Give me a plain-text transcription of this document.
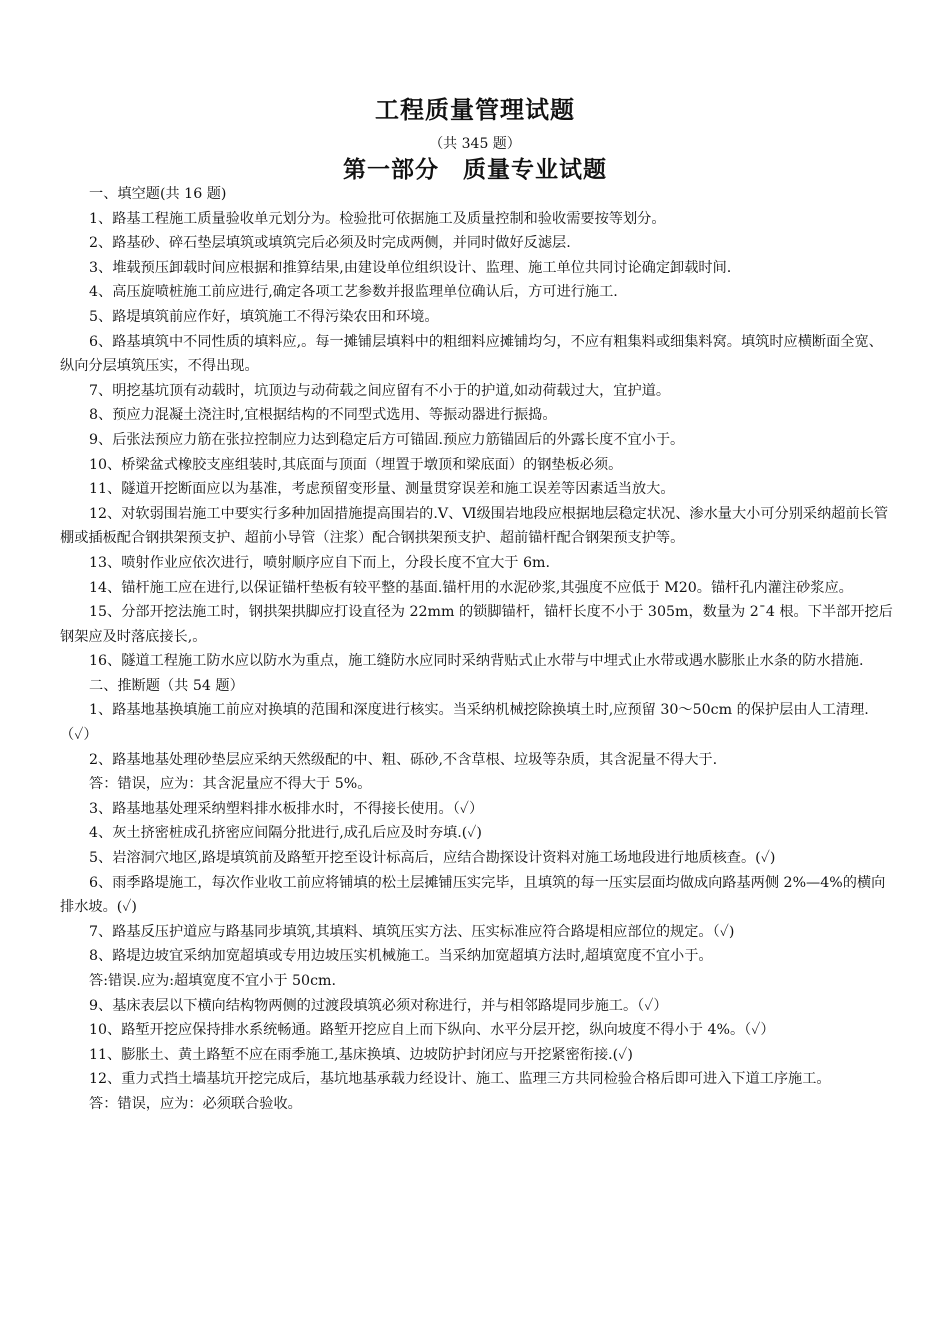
工程质量管理试题
（共 345 题）
第一部分　质量专业试题

一、填空题(共 16 题)

1、路基工程施工质量验收单元划分为。检验批可依据施工及质量控制和验收需要按等划分。

2、路基砂、碎石垫层填筑或填筑完后必须及时完成两侧，并同时做好反滤层.

3、堆载预压卸载时间应根据和推算结果,由建设单位组织设计、监理、施工单位共同讨论确定卸载时间.

4、高压旋喷桩施工前应进行,确定各项工艺参数并报监理单位确认后，方可进行施工.

5、路堤填筑前应作好，填筑施工不得污染农田和环境。

6、路基填筑中不同性质的填料应,。每一摊铺层填料中的粗细料应摊铺均匀，不应有粗集料或细集料窝。填筑时应横断面全宽、纵向分层填筑压实，不得出现。

7、明挖基坑顶有动载时，坑顶边与动荷载之间应留有不小于的护道,如动荷载过大，宜护道。

8、预应力混凝土浇注时,宜根据结构的不同型式选用、等振动器进行振捣。

9、后张法预应力筋在张拉控制应力达到稳定后方可锚固.预应力筋锚固后的外露长度不宜小于。

10、桥梁盆式橡胶支座组装时,其底面与顶面（埋置于墩顶和梁底面）的钢垫板必须。

11、隧道开挖断面应以为基准，考虑预留变形量、测量贯穿误差和施工误差等因素适当放大。

12、对软弱围岩施工中要实行多种加固措施提高围岩的.Ⅴ、Ⅵ级围岩地段应根据地层稳定状况、渗水量大小可分别采纳超前长管棚或插板配合钢拱架预支护、超前小导管（注浆）配合钢拱架预支护、超前锚杆配合钢架预支护等。

13、喷射作业应依次进行，喷射顺序应自下而上，分段长度不宜大于 6m.

14、锚杆施工应在进行,以保证锚杆垫板有较平整的基面.锚杆用的水泥砂浆,其强度不应低于 M20。锚杆孔内灌注砂浆应。

15、分部开挖法施工时，钢拱架拱脚应打设直径为 22mm 的锁脚锚杆，锚杆长度不小于 305m，数量为 2¯4 根。下半部开挖后钢架应及时落底接长,。

16、隧道工程施工防水应以防水为重点，施工缝防水应同时采纳背贴式止水带与中埋式止水带或遇水膨胀止水条的防水措施.

二、推断题（共 54 题）

1、路基地基换填施工前应对换填的范围和深度进行核实。当采纳机械挖除换填土时,应预留 30～50cm 的保护层由人工清理.（✓）

2、路基地基处理砂垫层应采纳天然级配的中、粗、砾砂,不含草根、垃圾等杂质，其含泥量不得大于.

答：错误，应为：其含泥量应不得大于 5%。

3、路基地基处理采纳塑料排水板排水时，不得接长使用。（✓）

4、灰土挤密桩成孔挤密应间隔分批进行,成孔后应及时夯填.(✓)

5、岩溶洞穴地区,路堤填筑前及路堑开挖至设计标高后，应结合勘探设计资料对施工场地段进行地质核查。(✓)

6、雨季路堤施工，每次作业收工前应将铺填的松土层摊铺压实完毕，且填筑的每一压实层面均做成向路基两侧 2%—4%的横向排水坡。(✓)

7、路基反压护道应与路基同步填筑,其填料、填筑压实方法、压实标准应符合路堤相应部位的规定。（✓)

8、路堤边坡宜采纳加宽超填或专用边坡压实机械施工。当采纳加宽超填方法时,超填宽度不宜小于。

答:错误.应为:超填宽度不宜小于 50cm.

9、基床表层以下横向结构物两侧的过渡段填筑必须对称进行，并与相邻路堤同步施工。（✓）

10、路堑开挖应保持排水系统畅通。路堑开挖应自上而下纵向、水平分层开挖，纵向坡度不得小于 4%。（✓）

11、膨胀土、黄土路堑不应在雨季施工,基床换填、边坡防护封闭应与开挖紧密衔接.(✓)

12、重力式挡土墙基坑开挖完成后，基坑地基承载力经设计、施工、监理三方共同检验合格后即可进入下道工序施工。

答：错误，应为：必须联合验收。
